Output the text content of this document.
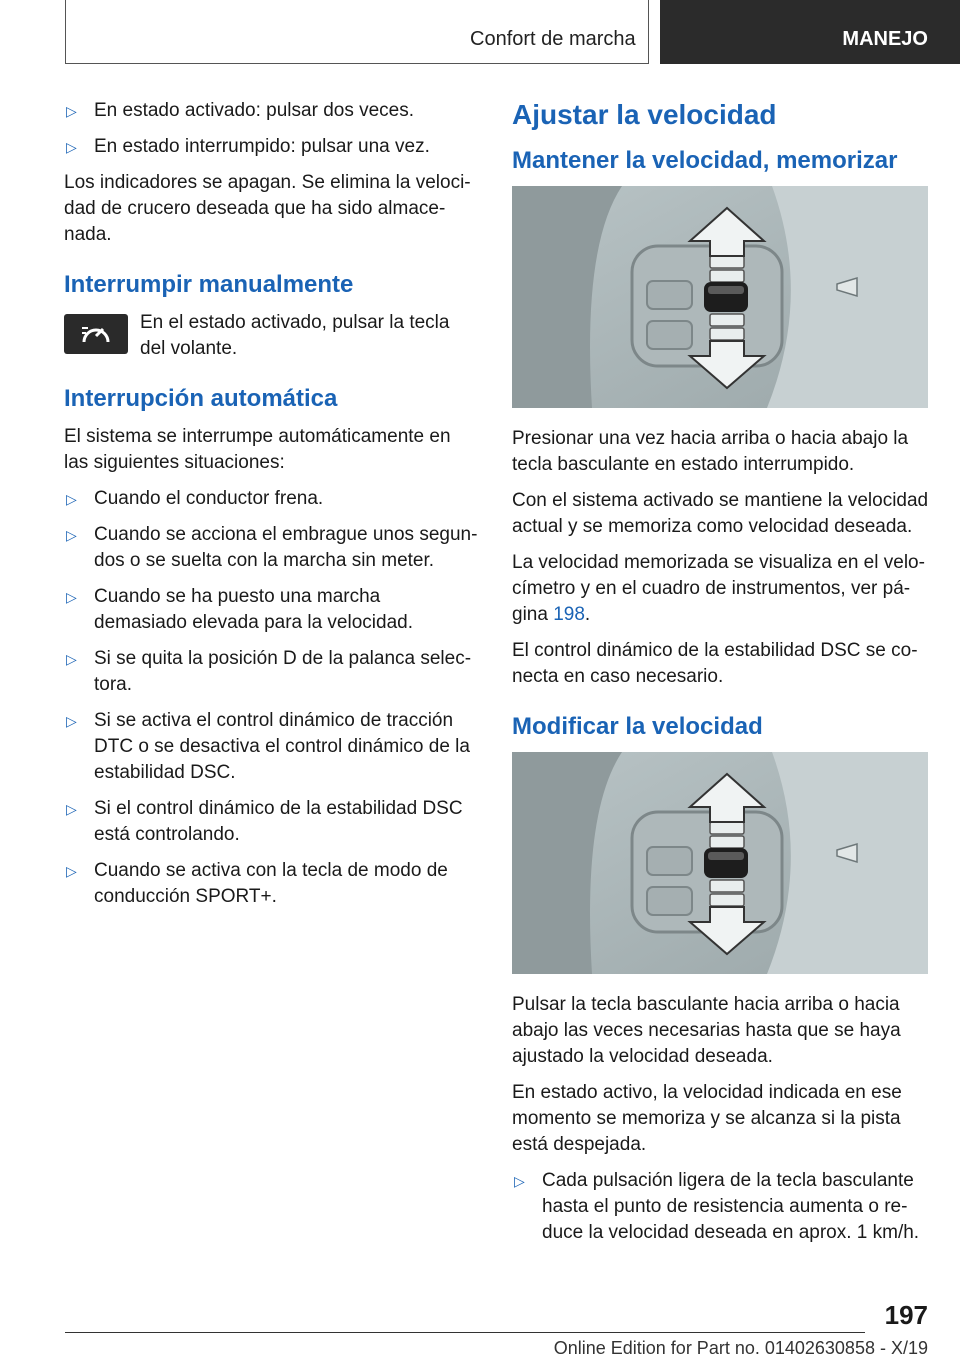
Confort de marcha	MANEJO
▷ En estado activado: pulsar dos veces.
▷ En estado interrumpido: pulsar una vez.

Los indicadores se apagan. Se elimina la veloci‐dad de crucero deseada que ha sido almace‐nada.

Interrumpir manualmente

En el estado activado, pulsar la tecla del volante.

Interrupción automática

El sistema se interrumpe automáticamente en las siguientes situaciones:

▷ Cuando el conductor frena.
▷ Cuando se acciona el embrague unos segun‐dos o se suelta con la marcha sin meter.
▷ Cuando se ha puesto una marcha demasiado elevada para la velocidad.
▷ Si se quita la posición D de la palanca selec‐tora.
▷ Si se activa el control dinámico de tracción DTC o se desactiva el control dinámico de la estabilidad DSC.
▷ Si el control dinámico de la estabilidad DSC está controlando.
▷ Cuando se activa con la tecla de modo de conducción SPORT+.
Ajustar la velocidad
Mantener la velocidad, memorizar

Presionar una vez hacia arriba o hacia abajo la tecla basculante en estado interrumpido.

Con el sistema activado se mantiene la velocidad actual y se memoriza como velocidad deseada.

La velocidad memorizada se visualiza en el velo‐címetro y en el cuadro de instrumentos, ver pá‐gina 198.

El control dinámico de la estabilidad DSC se co‐necta en caso necesario.

Modificar la velocidad

Pulsar la tecla basculante hacia arriba o hacia abajo las veces necesarias hasta que se haya ajustado la velocidad deseada.

En estado activo, la velocidad indicada en ese momento se memoriza y se alcanza si la pista está despejada.

▷ Cada pulsación ligera de la tecla basculante hasta el punto de resistencia aumenta o re‐duce la velocidad deseada en aprox. 1 km/h.
197
Online Edition for Part no. 01402630858 - X/19
